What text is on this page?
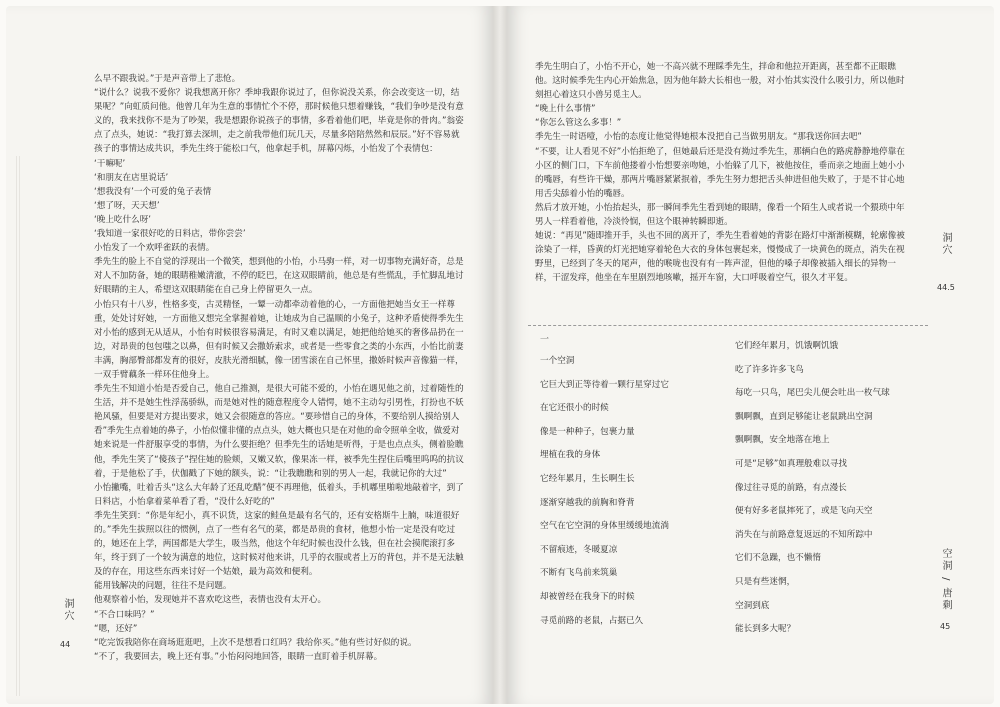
么早不跟我说。”于是声音带上了悲怆。

“说什么？说我不爱你？说我想离开你？季坤我跟你说过了，但你说没关系，你会改变这一切，结果呢？”向虹质问他。他曾几年为生意的事情忙个不停，那时候他只想着赚钱，“我们争吵是没有意义的，我来找你不是为了吵架，我是想跟你说孩子的事情，多看着他们吧，毕竟是你的骨肉。”翁姿点了点头，她说：“我打算去深圳，走之前我带他们玩几天，尽量多陪陪然然和辰辰。”好不容易就孩子的事情达成共识，季先生终于能松口气，他拿起手机，屏幕闪烁，小怡发了个表情包：

‘干嘛呢’

‘和朋友在店里说话’

‘想我没有’一个可爱的兔子表情

‘想了呀，天天想’

‘晚上吃什么呀’

‘我知道一家很好吃的日料店，带你尝尝’

小怡发了一个欢呼雀跃的表情。

季先生的脸上不自觉的浮现出一个微笑，想到他的小怡，小马驹一样，对一切事物充满好奇，总是对人不加防备，她的眼睛稚嫩清澈，不停的眨巴，在这双眼睛前，他总是有些慌乱，手忙脚乱地讨好眼睛的主人，希望这双眼睛能在自己身上停留更久一点。

小怡只有十八岁，性格多变，古灵精怪，一颦一动都牵动着他的心，一方面他把她当女王一样尊重，处处讨好她，一方面他又想完全掌握着她，让她成为自己温顺的小兔子，这种矛盾使得季先生对小怡的感到无从适从，小怡有时候很容易满足，有时又难以满足，她把他给她买的奢侈品扔在一边，对昂贵的包包嗤之以鼻，但有时候又会撒娇索求，或者是一些零食之类的小东西，小怡比前妻丰满，胸部臀部都发育的很好，皮肤光滑细腻，像一团雪滚在自己怀里，撒娇时候声音像猫一样，一双手臂藕条一样环住他身上。

季先生不知道小怡是否爱自己，他自己推测，是很大可能不爱的，小怡在遇见他之前，过着随性的生活，并不是她生性浮荡骄纵，而是她对性的随意程度令人错愕，她不主动勾引男性，打扮也不妖艳风骚，但要是对方提出要求，她又会很随意的答应。“要珍惜自己的身体，不要给别人摸给别人看”季先生点着她的鼻子，小怡似懂非懂的点点头，她大概也只是在对他的命令照单全收，做爱对她来说是一件舒服享受的事情，为什么要拒绝？但季先生的话她是听得，于是也点点头，侧着脸瞧他，季先生笑了“傻孩子”捏住她的脸颊，又嫩又软，像果冻一样，被季先生捏住后嘴里呜呜的抗议着，于是他松了手，伏伽戳了下她的额头，说：“让我瞧瞧和别的男人一起，我就记你的大过”

小怡撇嘴，吐着舌头“这么大年龄了还乱吃醋”便不再理他，低着头，手机嘟里啪啦地敲着字，到了日料店，小怡拿着菜单看了看，“没什么好吃的”

季先生笑到：“你是年纪小，真不识货，这家的鲑鱼是最有名气的，还有安格斯牛上腩，味道很好的。”季先生拔照以往的惯例，点了一些有名气的菜，都是昂贵的食材，他想小怡一定是没有吃过的，她还在上学，两国都是大学生，吸当然，他这个年纪时候也没什么钱，但在社会摸爬滚打多年，终于到了一个较为满意的地位，这时候对他来讲，几乎的衣服或者上万的背包，并不是无法触及的存在，用这些东西来讨好一个姑娘，最为高效和便利。

能用钱解决的问题，往往不是问题。

他观察着小怡，发现她并不喜欢吃这些，表情也没有太开心。

“不合口味吗？”

“嗯，还好”

“吃完饭我陪你在商场逛逛吧，上次不是想看口红吗？我给你买。”他有些讨好似的说。

“不了，我要回去，晚上还有事。”小怡闷闷地回答，眼睛一直盯着手机屏幕。

洞穴
44

季先生明白了，小怡不开心，她一不高兴就不理睬季先生，拌命和他拉开距离，甚至都不正眼瞧他。这时候季先生内心开始焦急，因为他年龄大长相也一般，对小怡其实没什么吸引力，所以他时刻担心着这只小兽另觅主人。

“晚上什么事情”

“你怎么管这么多事！”

季先生一时语噎，小怡的态度让他觉得她根本没把自己当做男朋友。“那我送你回去吧”

“不要，让人看见不好”小怡拒绝了，但她最后还是没有拗过季先生，那辆白色的路虎静静地停靠在小区的侧门口，下车前他搂着小怡想要亲吻她，小怡躲了几下，被他按住，垂而亲之地面上她小小的嘴唇，有些许干燥，那两片嘴唇紧紧抿着，季先生努力想把舌头伸进但他失败了，于是不甘心地用舌尖舔着小怡的嘴唇。

然后才放开她，小怡抬起头，那一瞬间季先生看到她的眼睛，像看一个陌生人或者说一个猥琐中年男人一样看着他，冷淡怜悯，但这个眼神转瞬即逝。

她说：“再见”随即推开手，头也不回的离开了，季先生看着她的背影在路灯中渐渐模糊，轮廓像被涂染了一样，昏黄的灯光把她穿着轮色大衣的身体包裹起来，慢慢成了一块黄色的斑点，消失在视野里，已经到了冬天的尾声，他的喉咙也没有有一阵声涩，但他的嗓子却像被插入细长的异物一样，干涩发痒，他坐在车里剧烈地咳嗽，摇开车窗，大口呼吸着空气，很久才平复。

洞穴
44.5
一
一个空洞
它巨大到正等待着一颗行星穿过它
在它还很小的时候
像是一种种子，包裹力量
埋植在我的身体
它经年累月，生长啊生长
逐渐穿越我的前胸和脊背
空气在它空洞的身体里缓缓地流淌
不留痕迹，冬暖夏凉
不断有飞鸟前来筑巢
却被曾经在我身下的时候
寻觅前路的老鼠，占据已久
它们经年累月，饥饿啊饥饿
吃了许多许多飞鸟
每吃一只鸟，尾巴尖儿便会吐出一枚气球
飘啊飘，直到足够能让老鼠跳出空洞
飘啊飘，安全地落在地上
可是“足够”如真理般难以寻找
像过往寻觅的前路，有点漫长
便有好多老鼠摔死了，或是飞向天空
消失在与前路意复返远的不知所踪中
它们不急躁，也不懒惰
只是有些迷惘，
空洞到底
能长到多大呢？
空洞 / 唐剩
45
